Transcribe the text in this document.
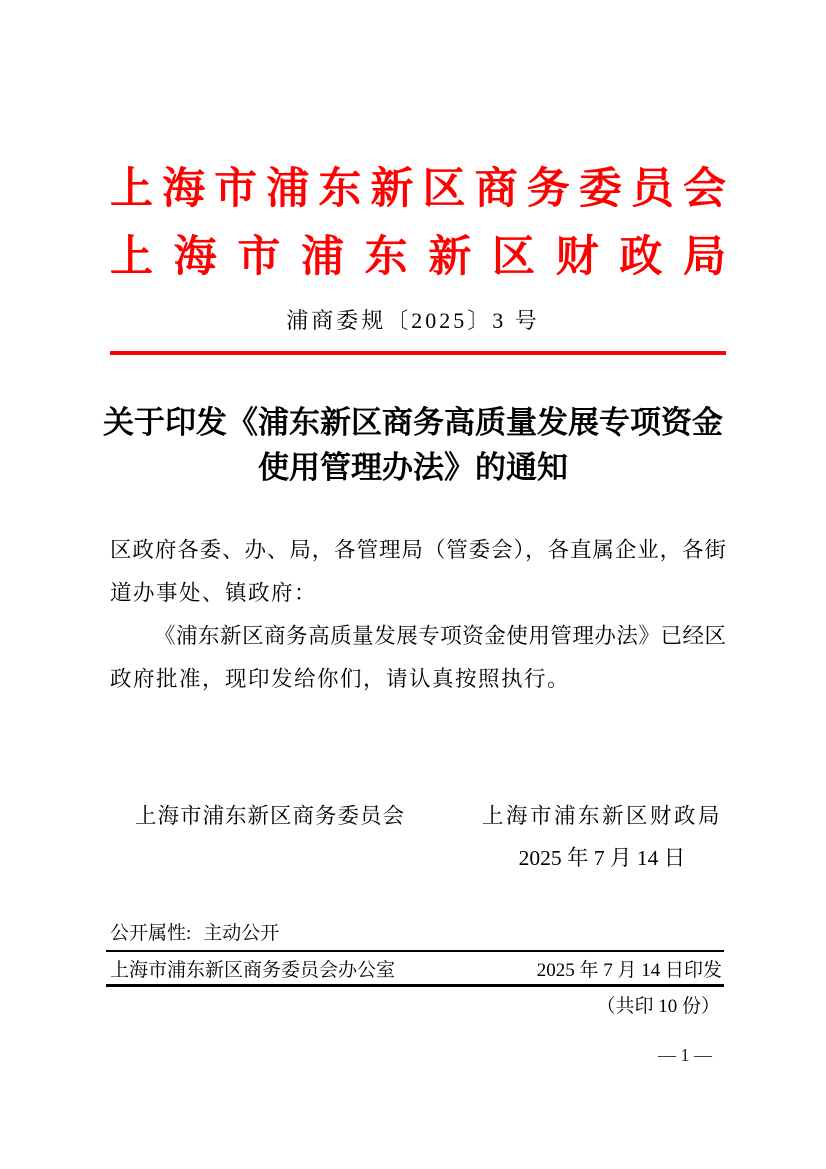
上海市浦东新区商务委员会
上海市浦东新区财政局
浦商委规〔2025〕3 号
关于印发《浦东新区商务高质量发展专项资金
使用管理办法》的通知
区政府各委、办、局，各管理局（管委会），各直属企业，各街
道办事处、镇政府：
《浦东新区商务高质量发展专项资金使用管理办法》已经区
政府批准，现印发给你们，请认真按照执行。
上海市浦东新区商务委员会	上海市浦东新区财政局
2025 年 7 月 14 日
公开属性: 主动公开
上海市浦东新区商务委员会办公室	2025 年 7 月 14 日印发
（共印 10 份）
— 1 —
